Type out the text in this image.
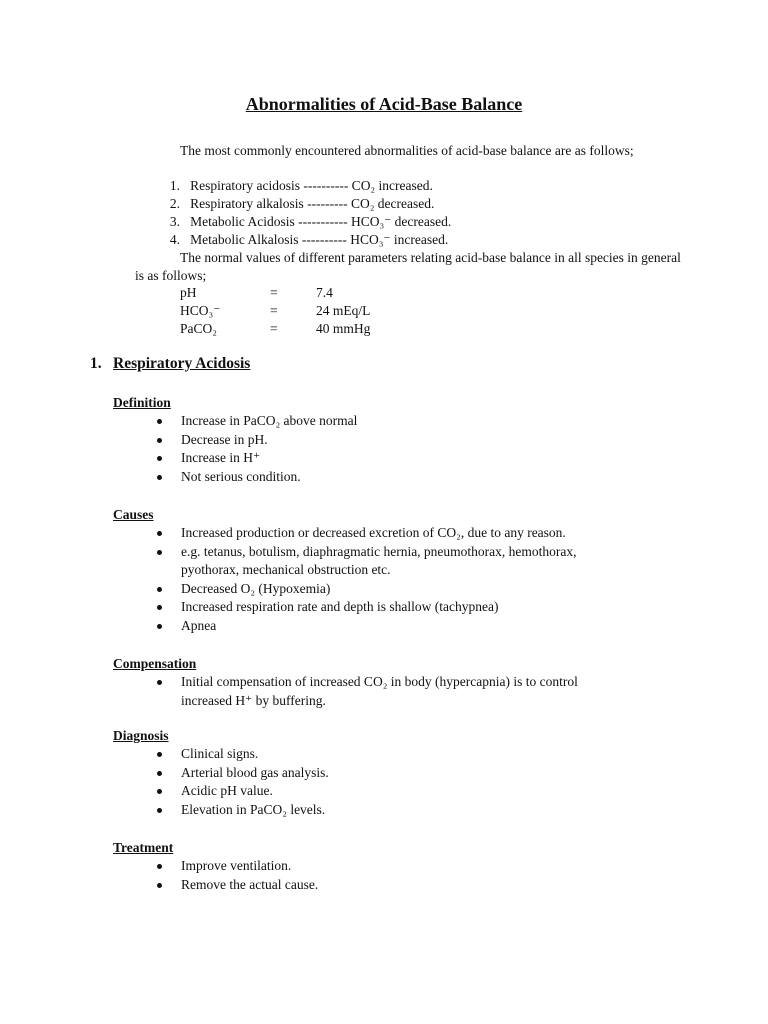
Abnormalities of Acid-Base Balance
The most commonly encountered abnormalities of acid-base balance are as follows;
1. Respiratory acidosis ---------- CO₂ increased.
2. Respiratory alkalosis --------- CO₂ decreased.
3. Metabolic Acidosis ----------- HCO₃⁻ decreased.
4. Metabolic Alkalosis ---------- HCO₃⁻ increased.
The normal values of different parameters relating acid-base balance in all species in general is as follows;
pH	=	7.4
HCO₃⁻	=	24 mEq/L
PaCO₂	=	40 mmHg
1. Respiratory Acidosis
Definition
Increase in PaCO₂ above normal
Decrease in pH.
Increase in H⁺
Not serious condition.
Causes
Increased production or decreased excretion of CO₂, due to any reason.
e.g. tetanus, botulism, diaphragmatic hernia, pneumothorax, hemothorax, pyothorax, mechanical obstruction etc.
Decreased O₂ (Hypoxemia)
Increased respiration rate and depth is shallow (tachypnea)
Apnea
Compensation
Initial compensation of increased CO₂ in body (hypercapnia) is to control increased H⁺ by buffering.
Diagnosis
Clinical signs.
Arterial blood gas analysis.
Acidic pH value.
Elevation in PaCO₂ levels.
Treatment
Improve ventilation.
Remove the actual cause.
